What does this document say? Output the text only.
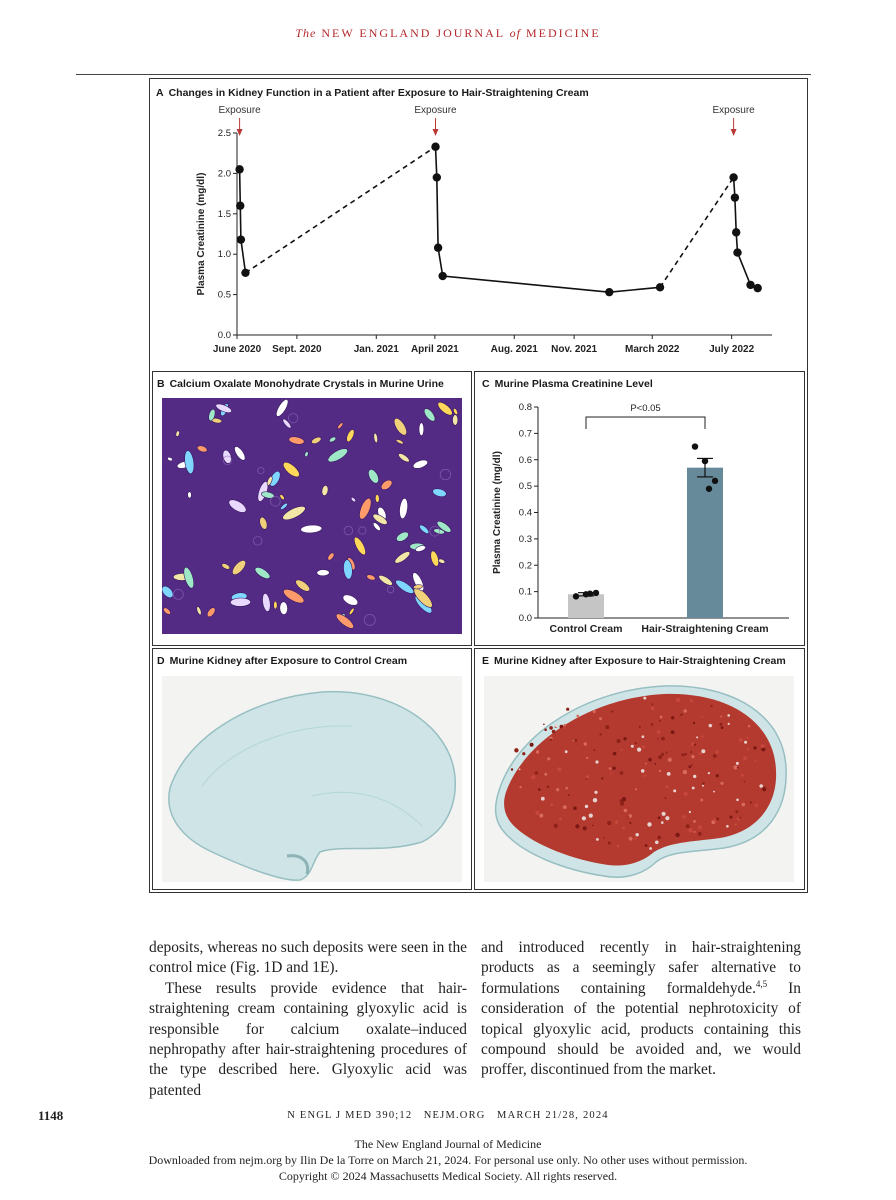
The NEW ENGLAND JOURNAL of MEDICINE
A Changes in Kidney Function in a Patient after Exposure to Hair-Straightening Cream
0.0
0.5
1.0
1.5
2.0
2.5
June 2020 Sept. 2020	Jan. 2021 April 2021	Aug. 2021 Nov. 2021	March 2022	July 2022
Plasma Creatinine (mg/dl)
Exposure	Exposure	Exposure
B Calcium Oxalate Monohydrate Crystals in Murine Urine	C Murine Plasma Creatinine Level
0.0
0.1
0.2
0.3
0.4
0.5
0.6
0.7
0.8
Plasma Creatinine (mg/dl)
Control Cream Hair-Straightening Cream
P<0.05
D Murine Kidney after Exposure to Control Cream	E Murine Kidney after Exposure to Hair-Straightening Cream

deposits, whereas no such deposits were seen in the control mice (Fig. 1D and 1E).

These results provide evidence that hair-straightening cream containing glyoxylic acid is responsible for calcium oxalate–induced nephropathy after hair-straightening procedures of the type described here. Glyoxylic acid was patented

and introduced recently in hair-straightening products as a seemingly safer alternative to formulations containing formaldehyde.$^{4,5}$ In consideration of the potential nephrotoxicity of topical glyoxylic acid, products containing this compound should be avoided and, we would proffer, discontinued from the market.

1148	N ENGL J MED 390;12   NEJM.ORG   MARCH 21/28, 2024
The New England Journal of Medicine
Downloaded from nejm.org by Ilin De la Torre on March 21, 2024. For personal use only. No other uses without permission.
Copyright © 2024 Massachusetts Medical Society. All rights reserved.
